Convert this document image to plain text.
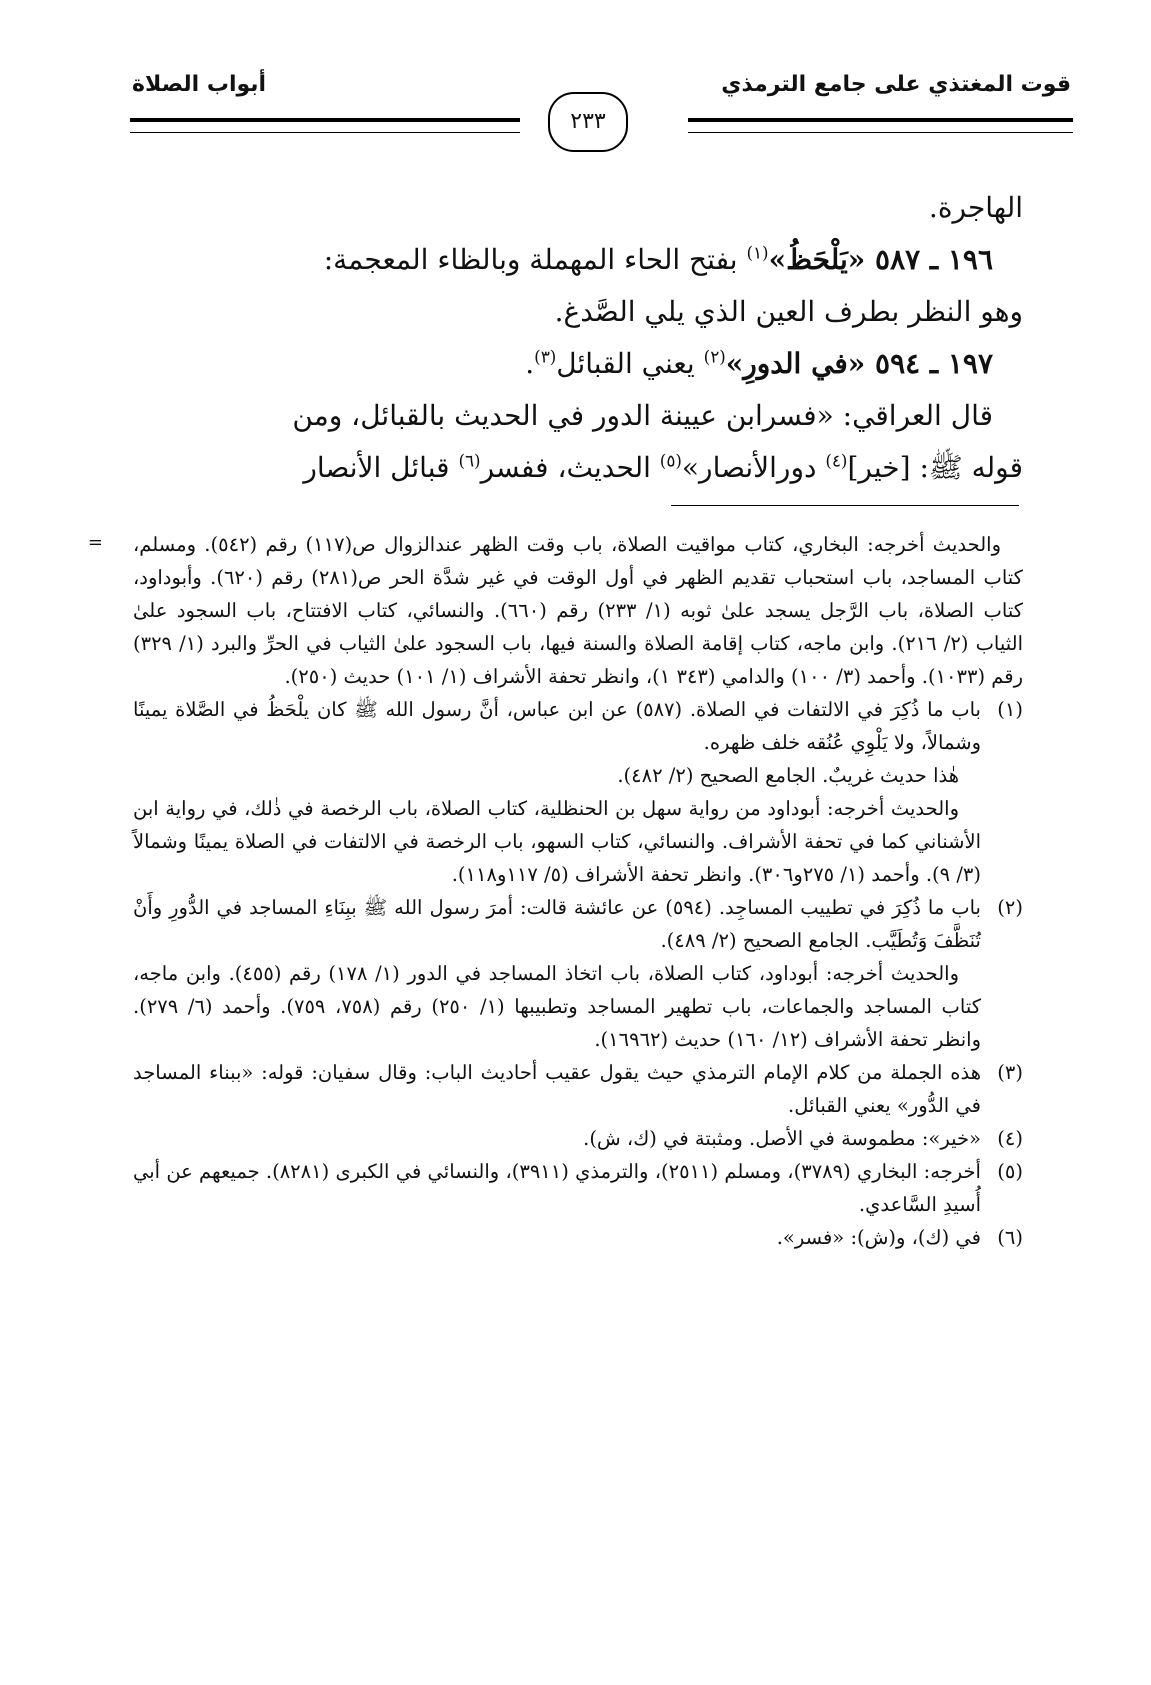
قوت المغتذي على جامع الترمذي
أبواب الصلاة
٢٣٣

الهاجرة.

١٩٦ ـ ٥٨٧ «يَلْحَظُ»$^{(١)}$ بفتح الحاء المهملة وبالظاء المعجمة:

وهو النظر بطرف العين الذي يلي الصَّدغ.

١٩٧ ـ ٥٩٤ «في الدورِ»$^{(٢)}$ يعني القبائل$^{(٣)}$.

قال العراقي: «فسرابن عيينة الدور في الحديث بالقبائل، ومن

قوله ﷺ: [خير]$^{(٤)}$ دورالأنصار»$^{(٥)}$ الحديث، ففسر$^{(٦)}$ قبائل الأنصار

= والحديث أخرجه: البخاري، كتاب مواقيت الصلاة، باب وقت الظهر عندالزوال ص(١١٧) رقم (٥٤٢). ومسلم، كتاب المساجد، باب استحباب تقديم الظهر في أول الوقت في غير شدَّة الحر ص(٢٨١) رقم (٦٢٠). وأبوداود، كتاب الصلاة، باب الرَّجل يسجد علىٰ ثوبه (١/ ٢٣٣) رقم (٦٦٠). والنسائي، كتاب الافتتاح، باب السجود علىٰ الثياب (٢/ ٢١٦). وابن ماجه، كتاب إقامة الصلاة والسنة فيها، باب السجود علىٰ الثياب في الحرِّ والبرد (١/ ٣٢٩) رقم (١٠٣٣). وأحمد (٣/ ١٠٠) والدامي (٣٤٣ ١)، وانظر تحفة الأشراف (١/ ١٠١) حديث (٢٥٠).

(١)
باب ما ذُكِرَ في الالتفات في الصلاة. (٥٨٧) عن ابن عباس، أنَّ رسول الله ﷺ كان يلْحَظُ في الصَّلاة يمينًا وشمالاً، ولا يَلْوِي عُنُقه خلف ظهره.

هٰذا حديث غريبٌ. الجامع الصحيح (٢/ ٤٨٢).

والحديث أخرجه: أبوداود من رواية سهل بن الحنظلية، كتاب الصلاة، باب الرخصة في ذٰلك، في رواية ابن الأشناني كما في تحفة الأشراف. والنسائي، كتاب السهو، باب الرخصة في الالتفات في الصلاة يمينًا وشمالاً (٣/ ٩). وأحمد (١/ ٢٧٥و٣٠٦). وانظر تحفة الأشراف (٥/ ١١٧و١١٨).

(٢)
باب ما ذُكِرَ في تطييب المساجِد. (٥٩٤) عن عائشة قالت: أمرَ رسول الله ﷺ ببِنَاءِ المساجد في الدُّورِ وأَنْ تُنَظَّفَ وَتُطَيَّب. الجامع الصحيح (٢/ ٤٨٩).

والحديث أخرجه: أبوداود، كتاب الصلاة، باب اتخاذ المساجد في الدور (١/ ١٧٨) رقم (٤٥٥). وابن ماجه، كتاب المساجد والجماعات، باب تطهير المساجد وتطبيبها (١/ ٢٥٠) رقم (٧٥٨، ٧٥٩). وأحمد (٦/ ٢٧٩). وانظر تحفة الأشراف (١٢/ ١٦٠) حديث (١٦٩٦٢).

(٣)
هذه الجملة من كلام الإمام الترمذي حيث يقول عقيب أحاديث الباب: وقال سفيان: قوله: «ببناء المساجد في الدُّور» يعني القبائل.
(٤)
«خير»: مطموسة في الأصل. ومثبتة في (ك، ش).
(٥)
أخرجه: البخاري (٣٧٨٩)، ومسلم (٢٥١١)، والترمذي (٣٩١١)، والنسائي في الكبرى (٨٢٨١). جميعهم عن أبي أُسيدِ السَّاعدي.
(٦)
في (ك)، و(ش): «فسر».
